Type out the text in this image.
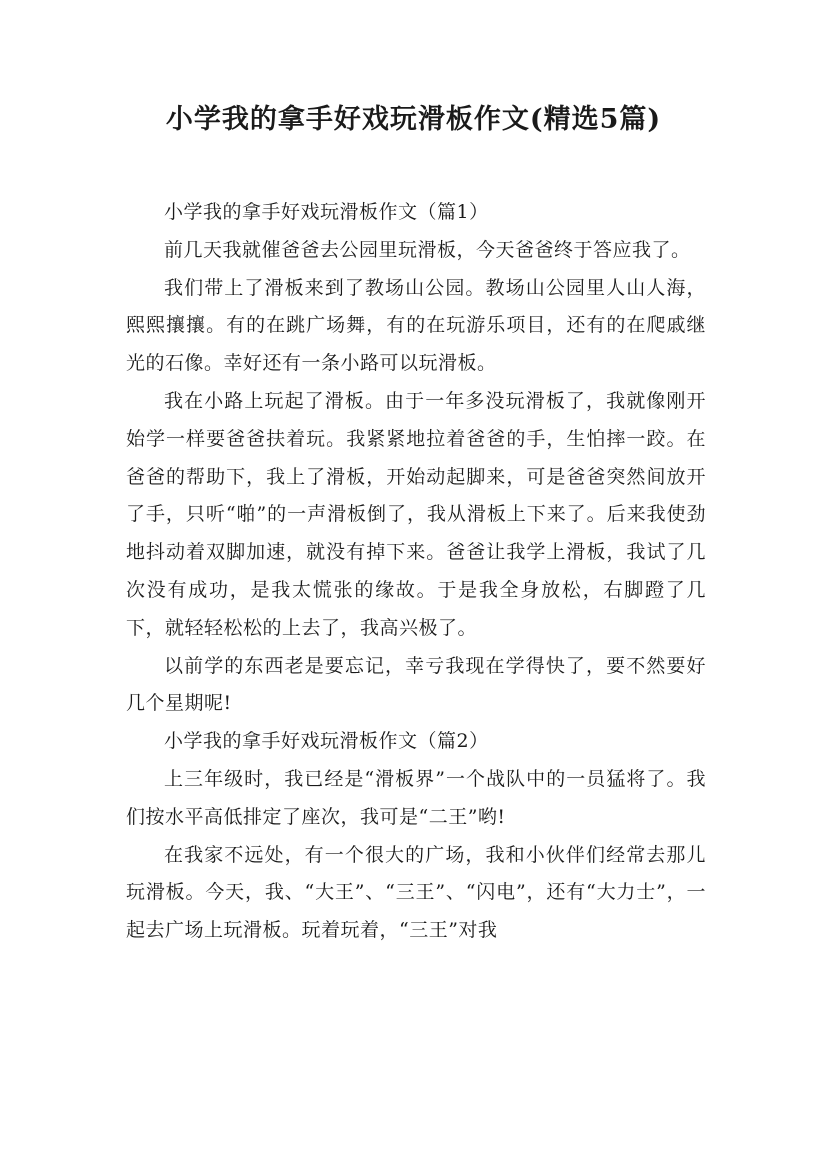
小学我的拿手好戏玩滑板作文(精选5篇)

小学我的拿手好戏玩滑板作文（篇1）

前几天我就催爸爸去公园里玩滑板，今天爸爸终于答应我了。

我们带上了滑板来到了教场山公园。教场山公园里人山人海，熙熙攘攘。有的在跳广场舞，有的在玩游乐项目，还有的在爬戚继光的石像。幸好还有一条小路可以玩滑板。

我在小路上玩起了滑板。由于一年多没玩滑板了，我就像刚开始学一样要爸爸扶着玩。我紧紧地拉着爸爸的手，生怕摔一跤。在爸爸的帮助下，我上了滑板，开始动起脚来，可是爸爸突然间放开了手，只听“啪”的一声滑板倒了，我从滑板上下来了。后来我使劲地抖动着双脚加速，就没有掉下来。爸爸让我学上滑板，我试了几次没有成功，是我太慌张的缘故。于是我全身放松，右脚蹬了几下，就轻轻松松的上去了，我高兴极了。

以前学的东西老是要忘记，幸亏我现在学得快了，要不然要好几个星期呢!

小学我的拿手好戏玩滑板作文（篇2）

上三年级时，我已经是“滑板界”一个战队中的一员猛将了。我们按水平高低排定了座次，我可是“二王”哟!

在我家不远处，有一个很大的广场，我和小伙伴们经常去那儿玩滑板。今天，我、“大王”、“三王”、“闪电”，还有“大力士”，一起去广场上玩滑板。玩着玩着，“三王”对我
